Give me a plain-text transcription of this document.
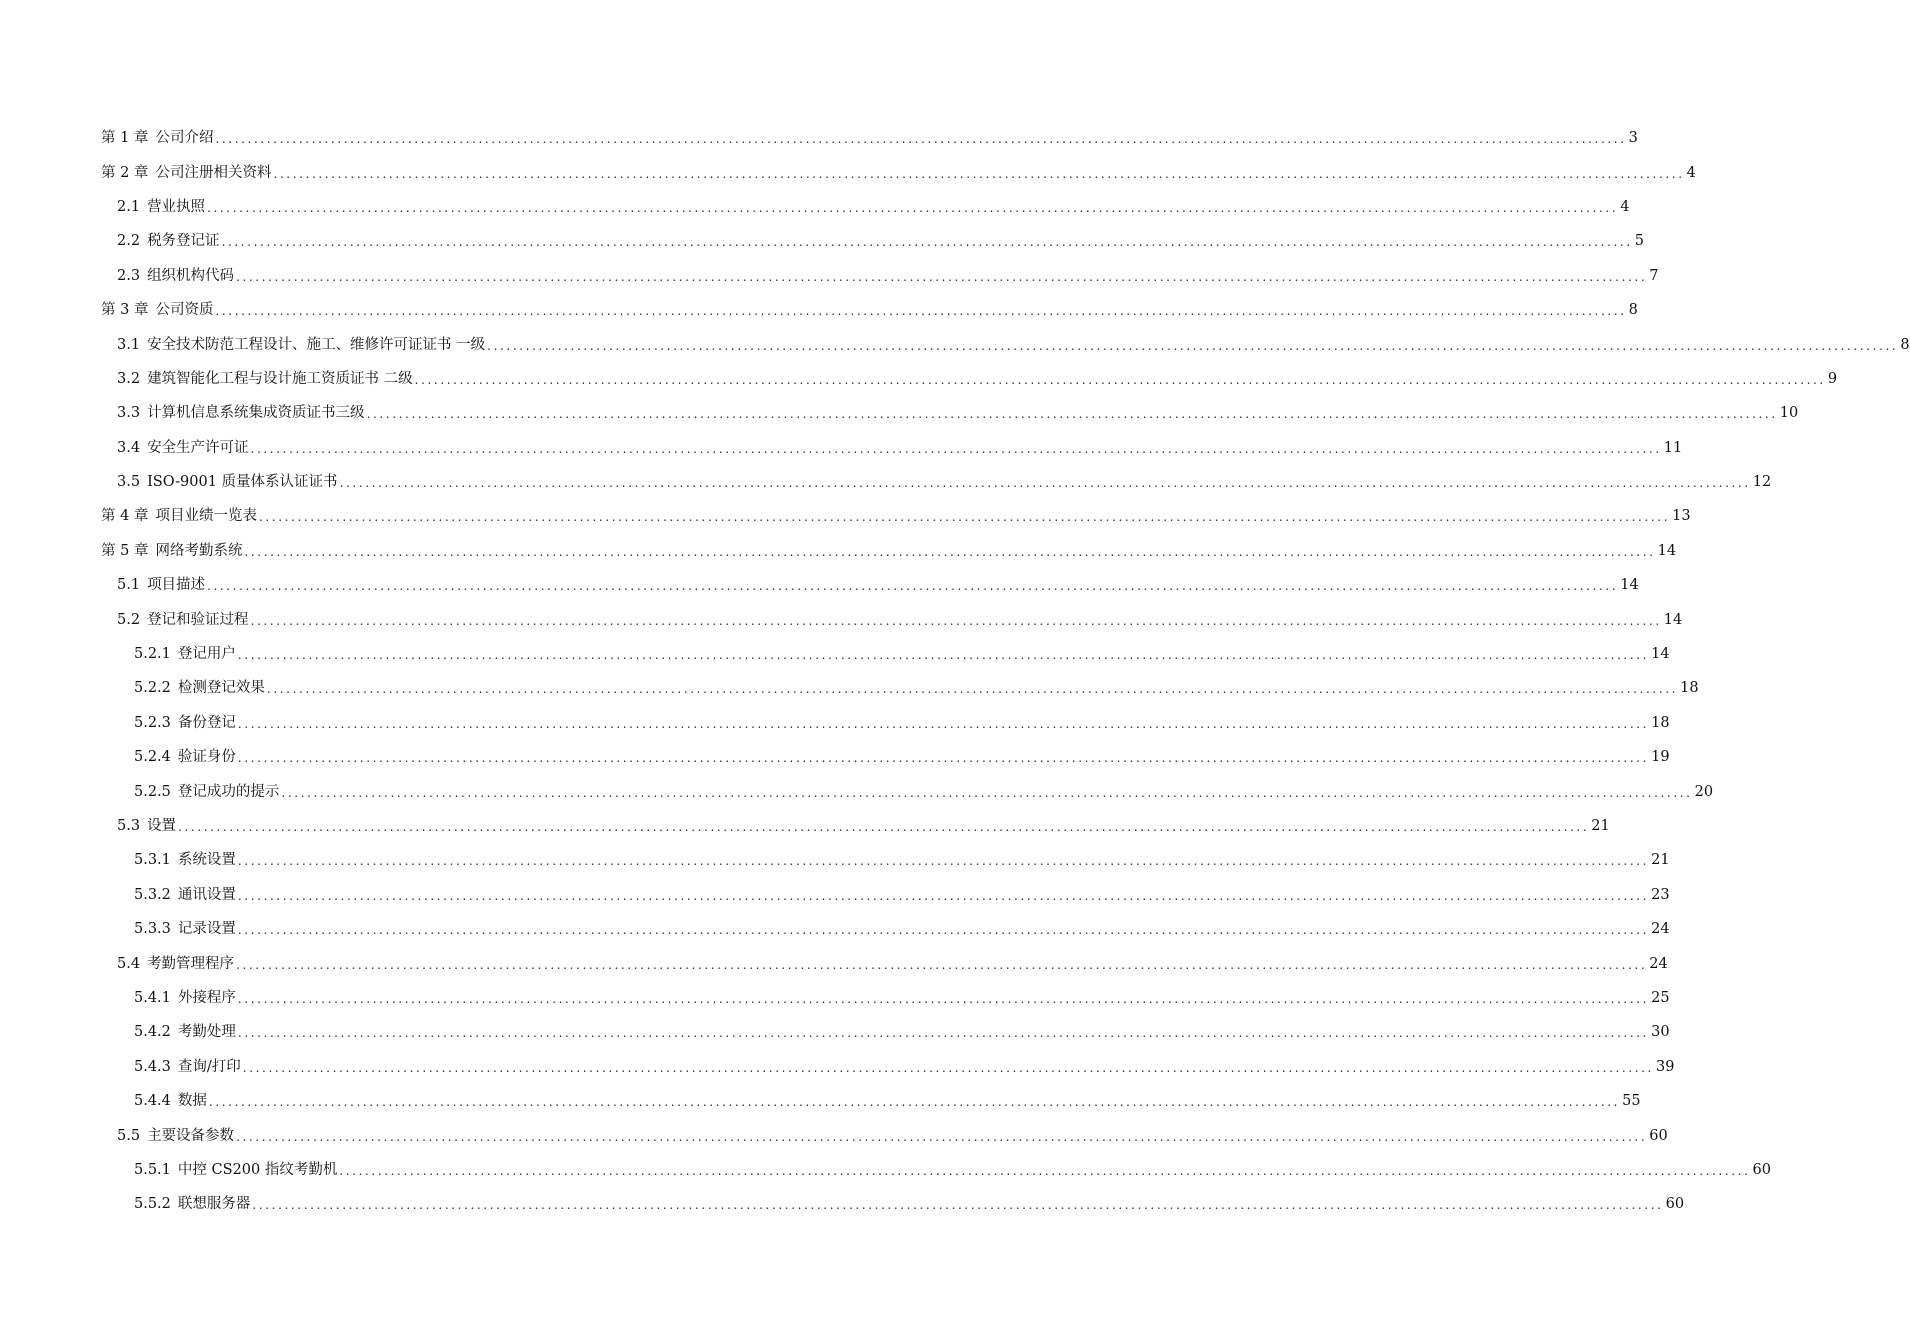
第 1 章 公司介绍 ............................................................................................................................................................................................................................ 3
第 2 章 公司注册相关资料 ............................................................................................................................................................................................................................ 4
2.1 营业执照 ............................................................................................................................................................................................................................ 4
2.2 税务登记证 ............................................................................................................................................................................................................................ 5
2.3 组织机构代码 ............................................................................................................................................................................................................................ 7
第 3 章 公司资质 ............................................................................................................................................................................................................................ 8
3.1 安全技术防范工程设计、施工、维修许可证证书 一级 ............................................................................................................................................................................................................................ 8
3.2 建筑智能化工程与设计施工资质证书 二级 ............................................................................................................................................................................................................................ 9
3.3 计算机信息系统集成资质证书三级 ............................................................................................................................................................................................................................ 10
3.4 安全生产许可证 ............................................................................................................................................................................................................................ 11
3.5 ISO-9001 质量体系认证证书 ............................................................................................................................................................................................................................ 12
第 4 章 项目业绩一览表 ............................................................................................................................................................................................................................ 13
第 5 章 网络考勤系统 ............................................................................................................................................................................................................................ 14
5.1 项目描述 ............................................................................................................................................................................................................................ 14
5.2 登记和验证过程 ............................................................................................................................................................................................................................ 14
5.2.1 登记用户 ............................................................................................................................................................................................................................ 14
5.2.2 检测登记效果 ............................................................................................................................................................................................................................ 18
5.2.3 备份登记 ............................................................................................................................................................................................................................ 18
5.2.4 验证身份 ............................................................................................................................................................................................................................ 19
5.2.5 登记成功的提示 ............................................................................................................................................................................................................................ 20
5.3 设置 ............................................................................................................................................................................................................................ 21
5.3.1 系统设置 ............................................................................................................................................................................................................................ 21
5.3.2 通讯设置 ............................................................................................................................................................................................................................ 23
5.3.3 记录设置 ............................................................................................................................................................................................................................ 24
5.4 考勤管理程序 ............................................................................................................................................................................................................................ 24
5.4.1 外接程序 ............................................................................................................................................................................................................................ 25
5.4.2 考勤处理 ............................................................................................................................................................................................................................ 30
5.4.3 查询/打印 ............................................................................................................................................................................................................................ 39
5.4.4 数据 ............................................................................................................................................................................................................................ 55
5.5 主要设备参数 ............................................................................................................................................................................................................................ 60
5.5.1 中控 CS200 指纹考勤机 ............................................................................................................................................................................................................................ 60
5.5.2 联想服务器 ............................................................................................................................................................................................................................ 60
